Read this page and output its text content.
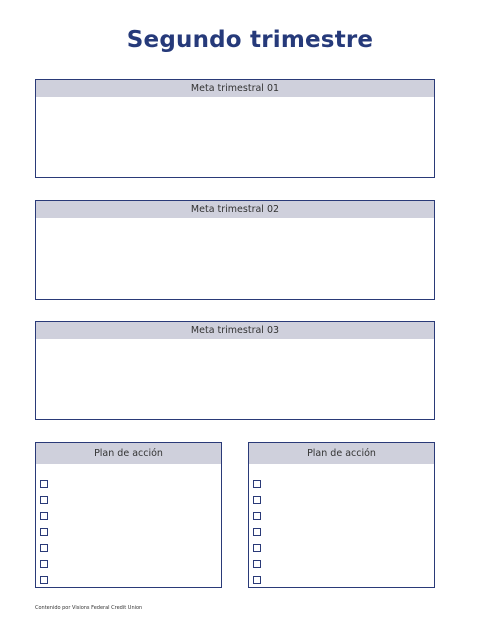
Segundo trimestre
Meta trimestral 01
Meta trimestral 02
Meta trimestral 03
Plan de acción	Plan de acción
Contenido por Visions Federal Credit Union
